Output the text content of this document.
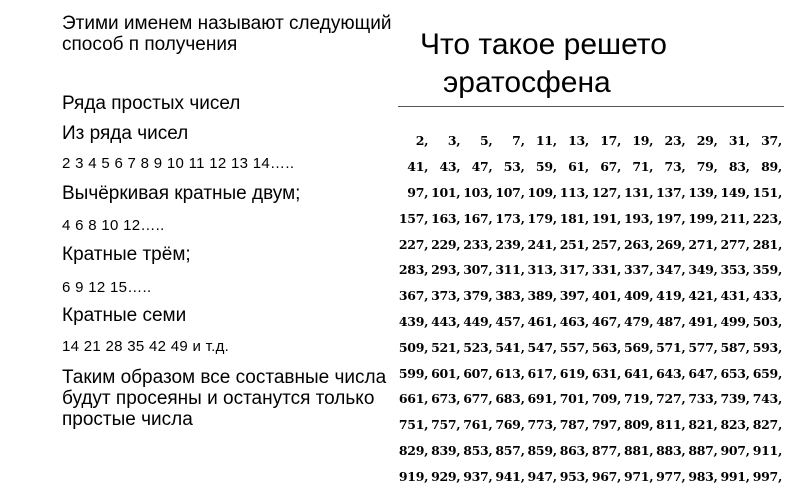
Этими именем называют следующий способ п получения
Ряда простых чисел
Из ряда чисел
2 3 4 5 6 7 8 9 10 11 12 13 14…..
Вычёркивая кратные двум;
4 6 8 10 12…..
Кратные трём;
6 9 12 15…..
Кратные семи
14 21 28 35 42 49 и т.д.
Таким образом все составные числа будут просеяны и останутся только простые числа
Что такое решето
эратосфена
2,	3,	5,	7,	11,	13,	17,	19,	23,	29,	31,	37,
41,	43,	47,	53,	59,	61,	67,	71,	73,	79,	83,	89,
97,	101,	103,	107,	109,	113,	127,	131,	137,	139,	149,	151,
157,	163,	167,	173,	179,	181,	191,	193,	197,	199,	211,	223,
227,	229,	233,	239,	241,	251,	257,	263,	269,	271,	277,	281,
283,	293,	307,	311,	313,	317,	331,	337,	347,	349,	353,	359,
367,	373,	379,	383,	389,	397,	401,	409,	419,	421,	431,	433,
439,	443,	449,	457,	461,	463,	467,	479,	487,	491,	499,	503,
509,	521,	523,	541,	547,	557,	563,	569,	571,	577,	587,	593,
599,	601,	607,	613,	617,	619,	631,	641,	643,	647,	653,	659,
661,	673,	677,	683,	691,	701,	709,	719,	727,	733,	739,	743,
751,	757,	761,	769,	773,	787,	797,	809,	811,	821,	823,	827,
829,	839,	853,	857,	859,	863,	877,	881,	883,	887,	907,	911,
919,	929,	937,	941,	947,	953,	967,	971,	977,	983,	991,	997,
